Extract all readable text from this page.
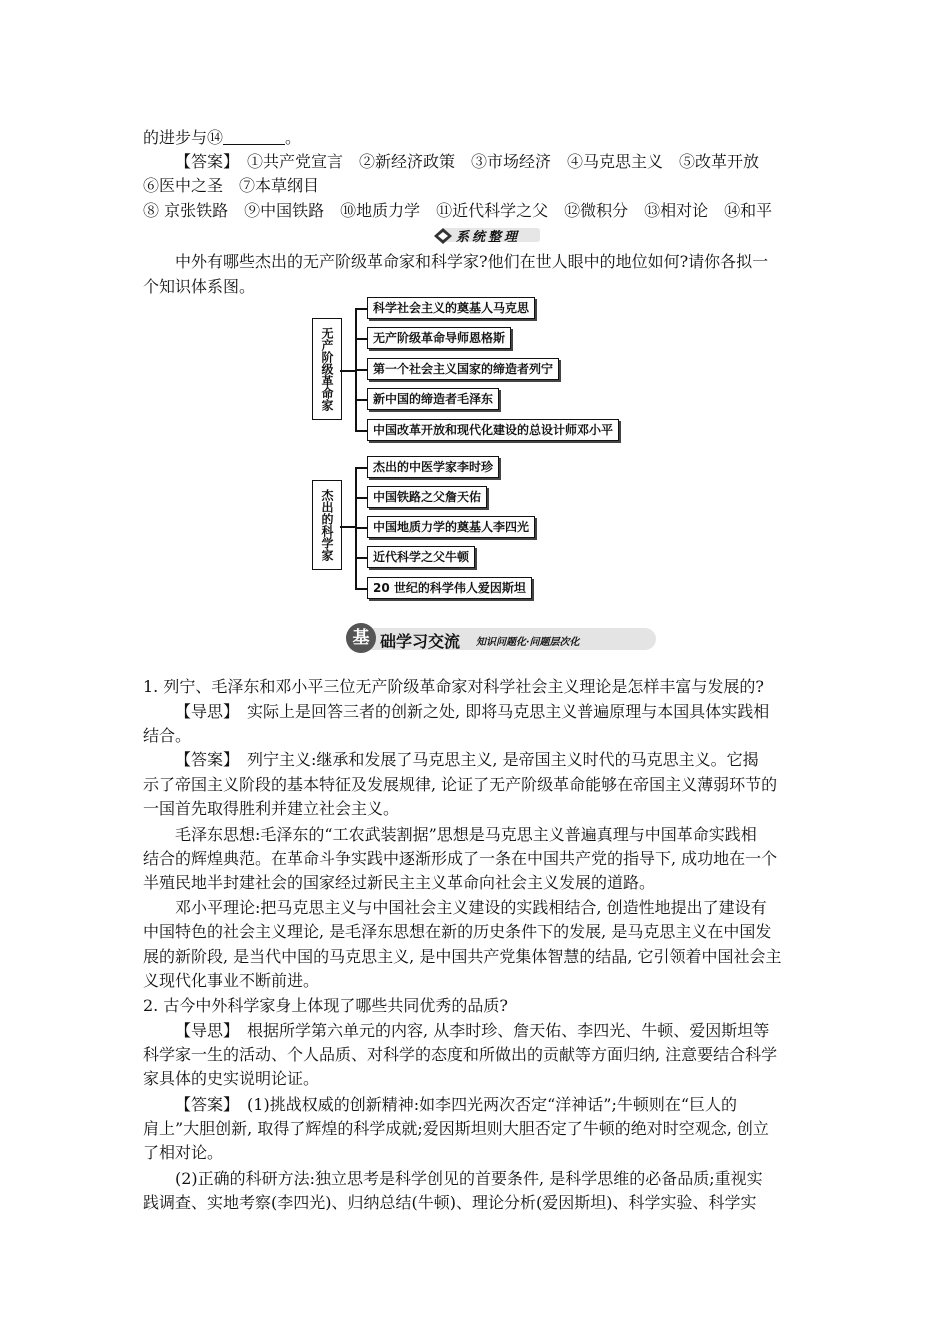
的进步与⑭	。
【答案】　 ①共产党宣言　②新经济政策　③市场经济　④马克思主义　⑤改革开放
⑥医中之圣　⑦本草纲目
⑧ 京张铁路　⑨中国铁路　⑩地质力学　⑪近代科学之父　⑫微积分　⑬相对论　⑭和平
系统整理
中外有哪些杰出的无产阶级革命家和科学家?他们在世人眼中的地位如何?请你各拟一
个知识体系图。
无产阶级革命家
科学社会主义的奠基人马克思
无产阶级革命导师恩格斯
第一个社会主义国家的缔造者列宁
新中国的缔造者毛泽东
中国改革开放和现代化建设的总设计师邓小平
杰出的科学家
杰出的中医学家李时珍
中国铁路之父詹天佑
中国地质力学的奠基人李四光
近代科学之父牛顿
20 世纪的科学伟人爱因斯坦
基 础学习交流 知识问题化·问题层次化
1. 列宁、毛泽东和邓小平三位无产阶级革命家对科学社会主义理论是怎样丰富与发展的?
【导思】　 实际上是回答三者的创新之处, 即将马克思主义普遍原理与本国具体实践相
结合。
【答案】　 列宁主义:继承和发展了马克思主义, 是帝国主义时代的马克思主义。它揭
示了帝国主义阶段的基本特征及发展规律, 论证了无产阶级革命能够在帝国主义薄弱环节的
一国首先取得胜利并建立社会主义。
毛泽东思想:毛泽东的“工农武装割据”思想是马克思主义普遍真理与中国革命实践相
结合的辉煌典范。在革命斗争实践中逐渐形成了一条在中国共产党的指导下, 成功地在一个
半殖民地半封建社会的国家经过新民主主义革命向社会主义发展的道路。
邓小平理论:把马克思主义与中国社会主义建设的实践相结合, 创造性地提出了建设有
中国特色的社会主义理论, 是毛泽东思想在新的历史条件下的发展, 是马克思主义在中国发
展的新阶段, 是当代中国的马克思主义, 是中国共产党集体智慧的结晶, 它引领着中国社会主
义现代化事业不断前进。
2. 古今中外科学家身上体现了哪些共同优秀的品质?
【导思】　 根据所学第六单元的内容, 从李时珍、詹天佑、李四光、牛顿、爱因斯坦等
科学家一生的活动、个人品质、对科学的态度和所做出的贡献等方面归纳, 注意要结合科学
家具体的史实说明论证。
【答案】　 (1)挑战权威的创新精神:如李四光两次否定“洋神话”;牛顿则在“巨人的
肩上”大胆创新, 取得了辉煌的科学成就;爱因斯坦则大胆否定了牛顿的绝对时空观念, 创立
了相对论。
(2)正确的科研方法:独立思考是科学创见的首要条件, 是科学思维的必备品质;重视实
践调查、实地考察(李四光)、归纳总结(牛顿)、理论分析(爱因斯坦)、科学实验、科学实
